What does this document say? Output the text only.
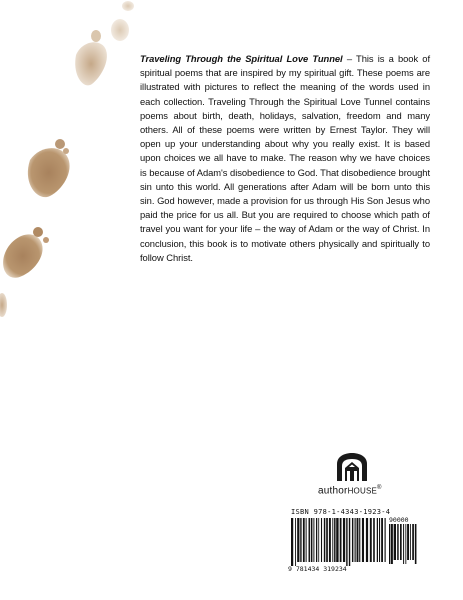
Traveling Through the Spiritual Love Tunnel – This is a book of spiritual poems that are inspired by my spiritual gift. These poems are illustrated with pictures to reflect the meaning of the words used in each collection. Traveling Through the Spiritual Love Tunnel contains poems about birth, death, holidays, salvation, freedom and many others. All of these poems were written by Ernest Taylor. They will open up your understanding about why you really exist. It is based upon choices we all have to make. The reason why we have choices is because of Adam's disobedience to God. That disobedience brought sin unto this world. All generations after Adam will be born unto this sin. God however, made a provision for us through His Son Jesus who paid the price for us all. But you are required to choose which path of travel you want for your life – the way of Adam or the way of Christ. In conclusion, this book is to motivate others physically and spiritually to follow Christ.
authorHOUSE®
ISBN 978-1-4343-1923-4
90000
9 781434 319234
